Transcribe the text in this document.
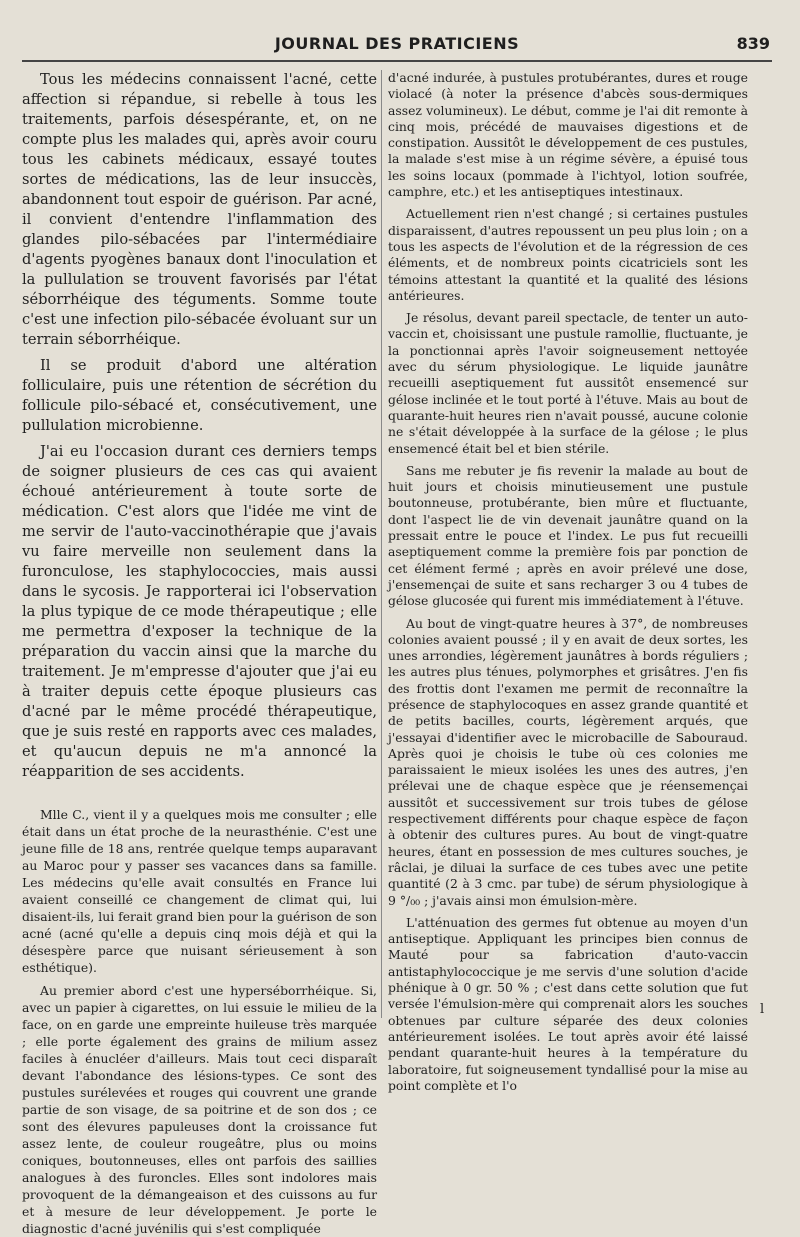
JOURNAL DES PRATICIENS	839

Tous les médecins connaissent l'acné, cette affection si répandue, si rebelle à tous les traitements, parfois désespérante, et, on ne compte plus les malades qui, après avoir couru tous les cabinets médicaux, essayé toutes sortes de médications, las de leur insuccès, abandonnent tout espoir de guérison. Par acné, il convient d'entendre l'inflammation des glandes pilo-sébacées par l'intermédiaire d'agents pyogènes banaux dont l'inoculation et la pullulation se trouvent favorisés par l'état séborrhéique des téguments. Somme toute c'est une infection pilo-sébacée évoluant sur un terrain séborrhéique.

Il se produit d'abord une altération folliculaire, puis une rétention de sécrétion du follicule pilo-sébacé et, consécutivement, une pullulation microbienne.

J'ai eu l'occasion durant ces derniers temps de soigner plusieurs de ces cas qui avaient échoué antérieurement à toute sorte de médication. C'est alors que l'idée me vint de me servir de l'auto-vaccinothérapie que j'avais vu faire merveille non seulement dans la furonculose, les staphylococcies, mais aussi dans le sycosis. Je rapporterai ici l'observation la plus typique de ce mode thérapeutique ; elle me permettra d'exposer la technique de la préparation du vaccin ainsi que la marche du traitement. Je m'empresse d'ajouter que j'ai eu à traiter depuis cette époque plusieurs cas d'acné par le même procédé thérapeutique, que je suis resté en rapports avec ces malades, et qu'aucun depuis ne m'a annoncé la réapparition de ses accidents.

Mlle C., vient il y a quelques mois me consulter ; elle était dans un état proche de la neurasthénie. C'est une jeune fille de 18 ans, rentrée quelque temps auparavant au Maroc pour y passer ses vacances dans sa famille. Les médecins qu'elle avait consultés en France lui avaient conseillé ce changement de climat qui, lui disaient-ils, lui ferait grand bien pour la guérison de son acné (acné qu'elle a depuis cinq mois déjà et qui la désespère parce que nuisant sérieusement à son esthétique).

Au premier abord c'est une hyperséborrhéique. Si, avec un papier à cigarettes, on lui essuie le milieu de la face, on en garde une empreinte huileuse très marquée ; elle porte également des grains de milium assez faciles à énucléer d'ailleurs. Mais tout ceci disparaît devant l'abondance des lésions-types. Ce sont des pustules surélevées et rouges qui couvrent une grande partie de son visage, de sa poitrine et de son dos ; ce sont des élevures papuleuses dont la croissance fut assez lente, de couleur rougeâtre, plus ou moins coniques, boutonneuses, elles ont parfois des saillies analogues à des furoncles. Elles sont indolores mais provoquent de la démangeaison et des cuissons au fur et à mesure de leur développement. Je porte le diagnostic d'acné juvénilis qui s'est compliquée

d'acné indurée, à pustules protubérantes, dures et rouge violacé (à noter la présence d'abcès sous-dermiques assez volumineux). Le début, comme je l'ai dit remonte à cinq mois, précédé de mauvaises digestions et de constipation. Aussitôt le développement de ces pustules, la malade s'est mise à un régime sévère, a épuisé tous les soins locaux (pommade à l'ichtyol, lotion soufrée, camphre, etc.) et les antiseptiques intestinaux.

Actuellement rien n'est changé ; si certaines pustules disparaissent, d'autres repoussent un peu plus loin ; on a tous les aspects de l'évolution et de la régression de ces éléments, et de nombreux points cicatriciels sont les témoins attestant la quantité et la qualité des lésions antérieures.

Je résolus, devant pareil spectacle, de tenter un auto-vaccin et, choisissant une pustule ramollie, fluctuante, je la ponctionnai après l'avoir soigneusement nettoyée avec du sérum physiologique. Le liquide jaunâtre recueilli aseptiquement fut aussitôt ensemencé sur gélose inclinée et le tout porté à l'étuve. Mais au bout de quarante-huit heures rien n'avait poussé, aucune colonie ne s'était développée à la surface de la gélose ; le plus ensemencé était bel et bien stérile.

Sans me rebuter je fis revenir la malade au bout de huit jours et choisis minutieusement une pustule boutonneuse, protubérante, bien mûre et fluctuante, dont l'aspect lie de vin devenait jaunâtre quand on la pressait entre le pouce et l'index. Le pus fut recueilli aseptiquement comme la première fois par ponction de cet élément fermé ; après en avoir prélevé une dose, j'ensemençai de suite et sans recharger 3 ou 4 tubes de gélose glucosée qui furent mis immédiatement à l'étuve.

Au bout de vingt-quatre heures à 37°, de nombreuses colonies avaient poussé ; il y en avait de deux sortes, les unes arrondies, légèrement jaunâtres à bords réguliers ; les autres plus ténues, polymorphes et grisâtres. J'en fis des frottis dont l'examen me permit de reconnaître la présence de staphylocoques en assez grande quantité et de petits bacilles, courts, légèrement arqués, que j'essayai d'identifier avec le microbacille de Sabouraud. Après quoi je choisis le tube où ces colonies me paraissaient le mieux isolées les unes des autres, j'en prélevai une de chaque espèce que je réensemençai aussitôt et successivement sur trois tubes de gélose respectivement différents pour chaque espèce de façon à obtenir des cultures pures. Au bout de vingt-quatre heures, étant en possession de mes cultures souches, je râclai, je diluai la surface de ces tubes avec une petite quantité (2 à 3 cmc. par tube) de sérum physiologique à 9 °/₀₀ ; j'avais ainsi mon émulsion-mère.

L'atténuation des germes fut obtenue au moyen d'un antiseptique. Appliquant les principes bien connus de Mauté pour sa fabrication d'auto-vaccin antistaphylococcique je me servis d'une solution d'acide phénique à 0 gr. 50 % ; c'est dans cette solution que fut versée l'émulsion-mère qui comprenait alors les souches obtenues par culture séparée des deux colonies antérieurement isolées. Le tout après avoir été laissé pendant quarante-huit heures à la température du laboratoire, fut soigneusement tyndallisé pour la mise au point complète et l'o

l
